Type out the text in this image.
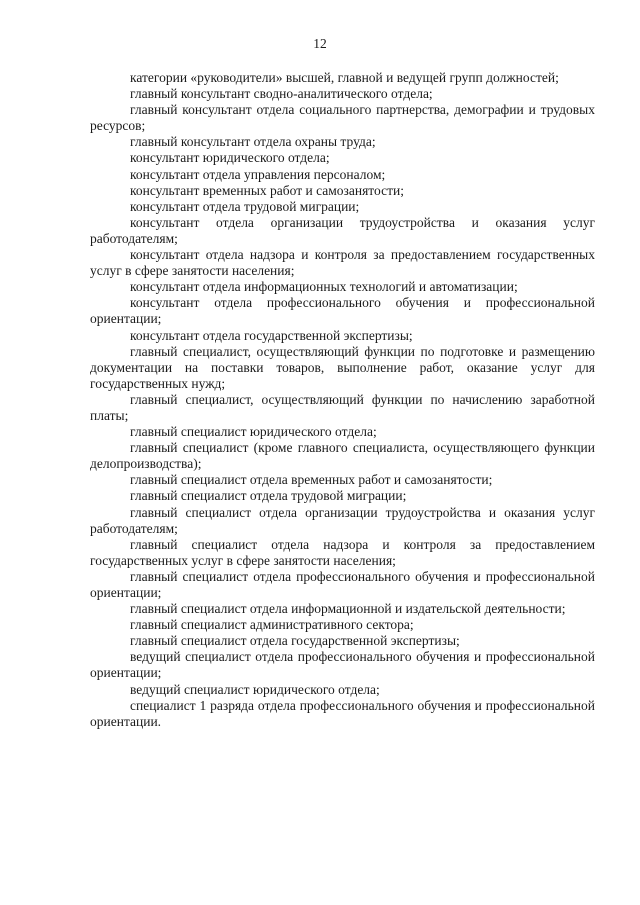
12

категории «руководители» высшей, главной и ведущей групп должностей;

главный консультант сводно-аналитического отдела;

главный консультант отдела социального партнерства, демографии и трудовых ресурсов;

главный консультант отдела охраны труда;

консультант юридического отдела;

консультант отдела управления персоналом;

консультант временных работ и самозанятости;

консультант отдела трудовой миграции;

консультант отдела организации трудоустройства и оказания услуг работодателям;

консультант отдела надзора и контроля за предоставлением государственных услуг в сфере занятости населения;

консультант отдела информационных технологий и автоматизации;

консультант отдела профессионального обучения и профессиональной ориентации;

консультант отдела государственной экспертизы;

главный специалист, осуществляющий функции по подготовке и размещению документации на поставки товаров, выполнение работ, оказание услуг для государственных нужд;

главный специалист, осуществляющий функции по начислению заработной платы;

главный специалист юридического отдела;

главный специалист (кроме главного специалиста, осуществляющего функции делопроизводства);

главный специалист отдела временных работ и самозанятости;

главный специалист отдела трудовой миграции;

главный специалист отдела организации трудоустройства и оказания услуг работодателям;

главный специалист отдела надзора и контроля за предоставлением государственных услуг в сфере занятости населения;

главный специалист отдела профессионального обучения и профессиональной ориентации;

главный специалист отдела информационной и издательской деятельности;

главный специалист административного сектора;

главный специалист отдела государственной экспертизы;

ведущий специалист отдела профессионального обучения и профессиональной ориентации;

ведущий специалист юридического отдела;

специалист 1 разряда отдела профессионального обучения и профессиональной ориентации.
